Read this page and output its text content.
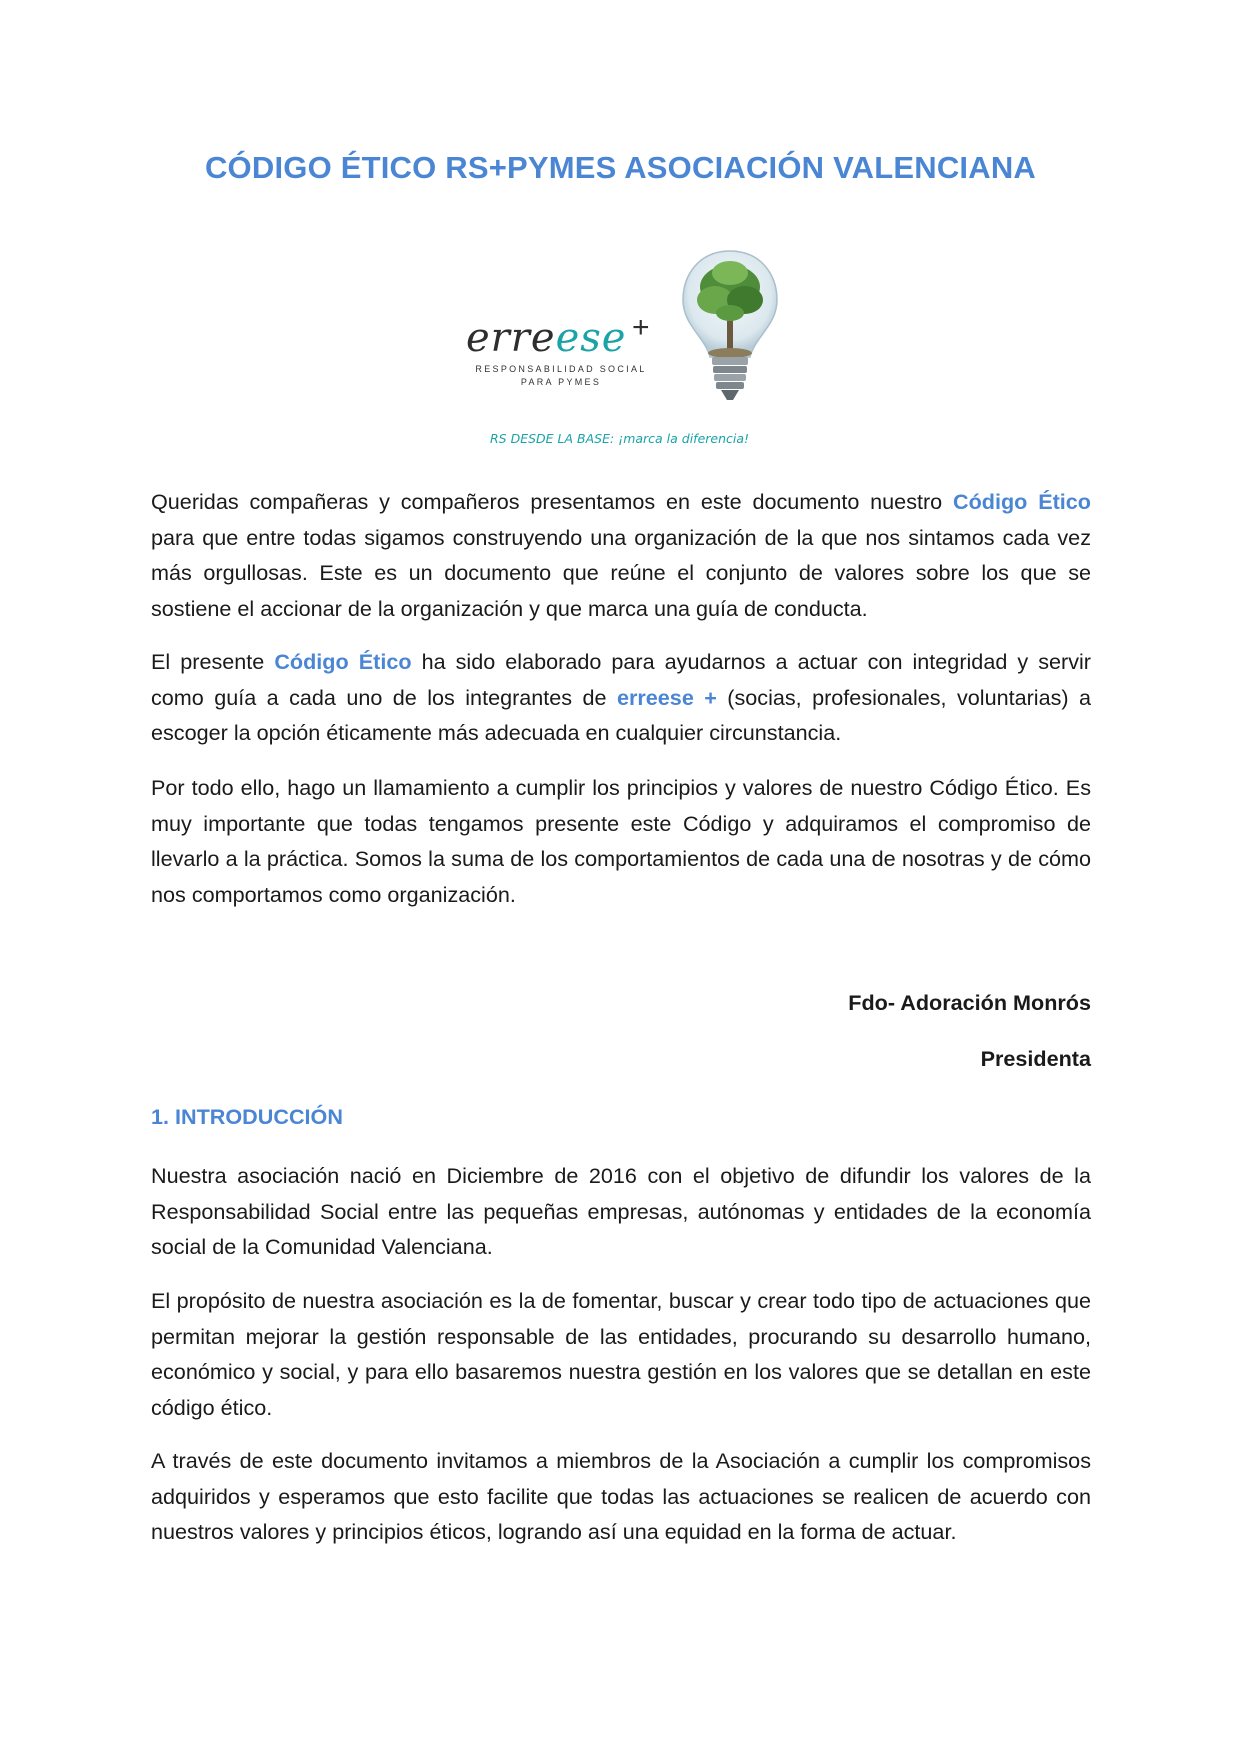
CÓDIGO ÉTICO RS+PYMES ASOCIACIÓN VALENCIANA
erreese +
RESPONSABILIDAD SOCIAL
PARA PYMES
RS DESDE LA BASE: ¡marca la diferencia!

Queridas compañeras y compañeros presentamos en este documento nuestro Código Ético para que entre todas sigamos construyendo una organización de la que nos sintamos cada vez más orgullosas. Este es un documento que reúne el conjunto de valores sobre los que se sostiene el accionar de la organización y que marca una guía de conducta.

El presente Código Ético ha sido elaborado para ayudarnos a actuar con integridad y servir como guía a cada uno de los integrantes de erreese + (socias, profesionales, voluntarias) a escoger la opción éticamente más adecuada en cualquier circunstancia.

Por todo ello, hago un llamamiento a cumplir los principios y valores de nuestro Código Ético. Es muy importante que todas tengamos presente este Código y adquiramos el compromiso de llevarlo a la práctica. Somos la suma de los comportamientos de cada una de nosotras y de cómo nos comportamos como organización.

Fdo- Adoración Monrós
Presidenta
1. INTRODUCCIÓN

Nuestra asociación nació en Diciembre de 2016 con el objetivo de difundir los valores de la Responsabilidad Social entre las pequeñas empresas, autónomas y entidades de la economía social de la Comunidad Valenciana.

El propósito de nuestra asociación es la de fomentar, buscar y crear todo tipo de actuaciones que permitan mejorar la gestión responsable de las entidades, procurando su desarrollo humano, económico y social, y para ello basaremos nuestra gestión en los valores que se detallan en este código ético.

A través de este documento invitamos a miembros de la Asociación a cumplir los compromisos adquiridos y esperamos que esto facilite que todas las actuaciones se realicen de acuerdo con nuestros valores y principios éticos, logrando así una equidad en la forma de actuar.
